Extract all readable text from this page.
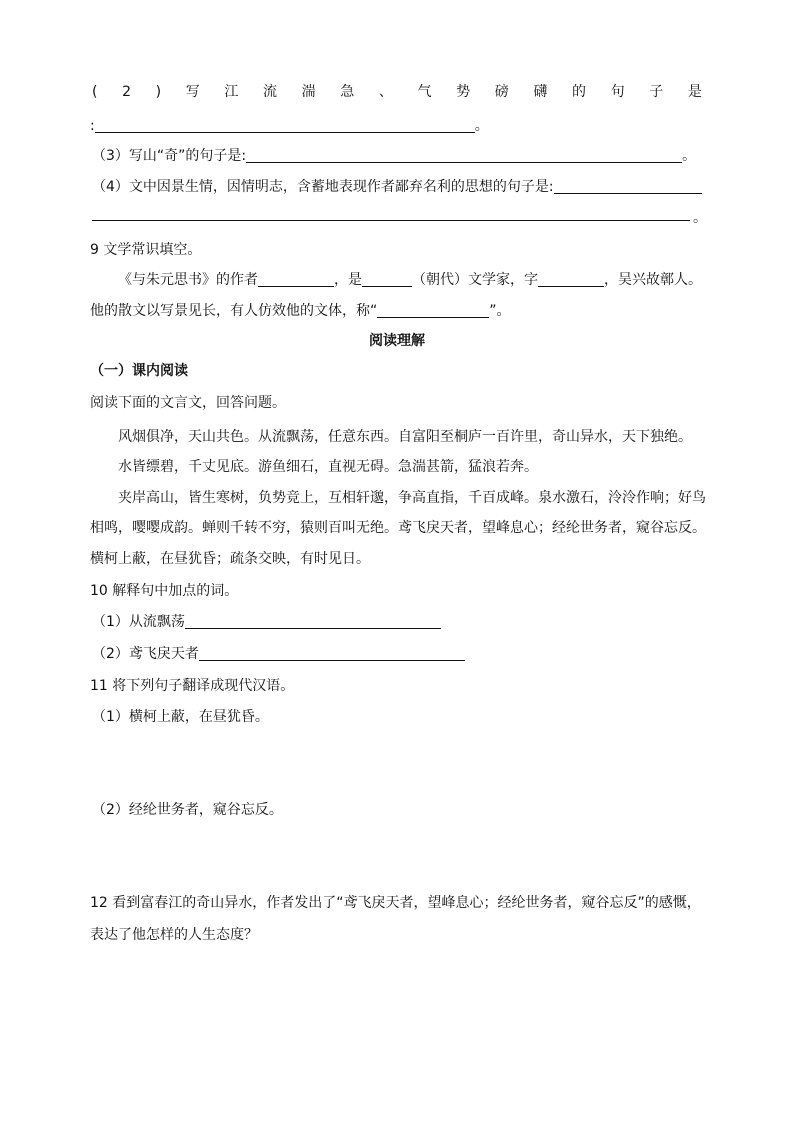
( 2 ) 写 江 流 湍 急 、 气 势 磅 礴 的 句 子 是
:	。
（3）写山“奇”的句子是:	。
（4）文中因景生情，因情明志，含蓄地表现作者鄙弃名利的思想的句子是:
。
9 文学常识填空。
《与朱元思书》的作者	，是	（朝代）文学家，字	，吴兴故鄣人。
他的散文以写景见长，有人仿效他的文体，称“	”。
阅读理解
（一）课内阅读
阅读下面的文言文，回答问题。
风烟俱净，天山共色。从流飘荡，任意东西。自富阳至桐庐一百许里，奇山异水，天下独绝。
水皆缥碧，千丈见底。游鱼细石，直视无碍。急湍甚箭，猛浪若奔。
夹岸高山，皆生寒树，负势竞上，互相轩邈，争高直指，千百成峰。泉水激石，泠泠作响；好鸟
相鸣，嘤嘤成韵。蝉则千转不穷，猿则百叫无绝。鸢飞戾天者，望峰息心；经纶世务者，窥谷忘反。
横柯上蔽，在昼犹昏；疏条交映，有时见日。
10 解释句中加点的词。
（1）从流飘荡
（2）鸢飞戾天者
11 将下列句子翻译成现代汉语。
（1）横柯上蔽，在昼犹昏。
（2）经纶世务者，窥谷忘反。
12 看到富春江的奇山异水，作者发出了“鸢飞戾天者，望峰息心；经纶世务者，窥谷忘反”的感慨，
表达了他怎样的人生态度？
